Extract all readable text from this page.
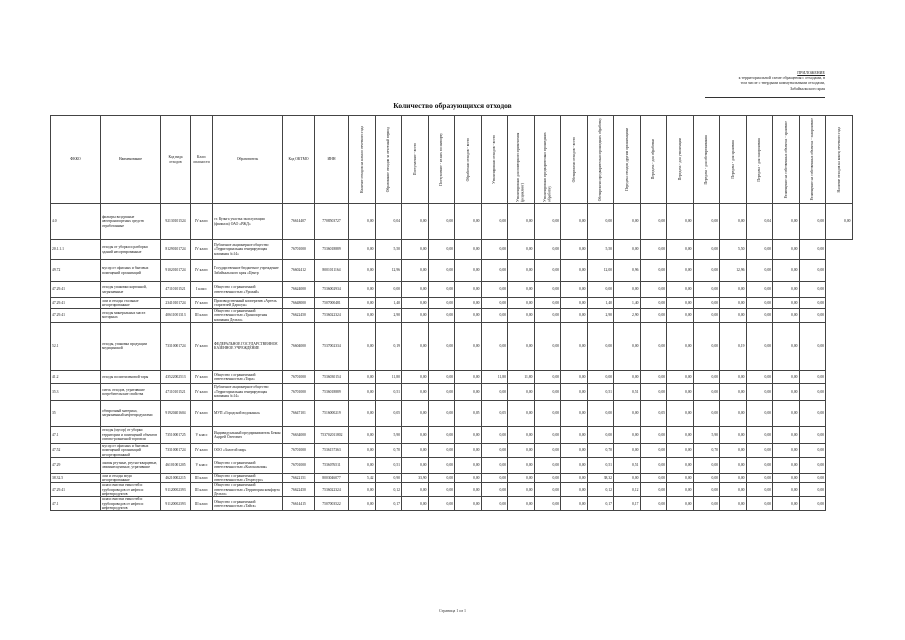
ПРИЛОЖЕНИЕ
к территориальной схеме обращения с отходами, в
том числе с твердыми коммунальными отходами,
Забайкальского края
Количество образующихся отходов
ФККО	Наименование	Код вида отходов	Класс опасности	Образователь	Код ОКТМО	ИНН	Наличие отходов на начало отчетного года	Образование отходов за отчетный период	Поступление - всего	Поступление - из них по импорту	Обработано отходов - всего	Утилизировано отходов - всего	Утилизировано для повторного применения (рециклинг)	Утилизировано предварительно прошедших обработку	Обезврежено отходов - всего	Обезврежено предварительно прошедших обработку	Передача отходов другим организациям	Передача - для обработки	Передача - для утилизации	Передача - для обезвреживания	Передача - для хранения	Передача - для захоронения	Размещение на собственных объектах - хранение	Размещение на собственных объектах - захоронение	Наличие отходов на конец отчетного года

4.0	фильтры воздушные автотранспортных средств отработанные	92130101524	IV класс	ст. Куэнга участка эксплуатации (филиала) ОАО «РЖД»	76614407	7708503727	0,00	0,04	0,00	0,00	0,00	0,00	0,00	0,00	0,00	0,00	0,00	0,00	0,00	0,00	0,00	0,04	0,00	0,00	0,00
20.1.1.1	отходы от уборки и разборки зданий несортированные	81290101724	IV класс	Публичное акционерное общество «Территориальная генерирующая компания №14»	76701000	7536018889	0,00	5,50	0,00	0,00	0,00	0,00	0,00	0,00	0,00	5,50	0,00	0,00	0,00	0,00	5,50	0,00	0,00	0,00	
49.72	мусор от офисных и бытовых помещений организаций	91020101724	IV класс	Государственное бюджетное учреждение Забайкальского края «Центр	76602412	8001011164	0,00	12,96	0,00	0,00	0,00	0,00	0,00	0,00	0,00	12,00	0,96	0,00	0,00	0,00	12,96	0,00	0,00	0,00	
47.29.41	отходы упаковки картонной, загрязненные	47110101521	I класс	Общество с ограниченной ответственностью «Урожай»	76624000	7536002934	0,00	0,00	0,00	0,00	0,00	0,00	0,00	0,00	0,00	0,00	0,00	0,00	0,00	0,00	0,00	0,00	0,00	0,00	
47.29.41	лом и отходы стальные несортированные	23410101724	IV класс	Производственный кооператив «Артель старателей Дарасун»	76648000	7507000481	0,00	1,40	0,00	0,00	0,00	0,00	0,00	0,00	0,00	1,40	1,40	0,00	0,00	0,00	0,00	0,00	0,00	0,00	
47.29.41	отходы минеральных масел моторных	40611001313	III класс	Общество с ограниченной ответственностью «Транспортная компания Дельта»	76622450	7536022324	0,00	2,90	0,00	0,00	0,00	0,00	0,00	0,00	0,00	2,90	2,90	0,00	0,00	0,00	0,00	0,00	0,00	0,00	
52.1	отходы, упаковка продукции медицинской	73310001724	IV класс	ФЕДЕРАЛЬНОЕ ГОСУДАРСТВЕННОЕ КАЗЕННОЕ УЧРЕЖДЕНИЕ	76604000	7537002334	0,00	0,19	0,00	0,00	0,00	0,00	0,00	0,00	0,00	0,00	0,00	0,00	0,00	0,00	0,19	0,00	0,00	0,00	
41.2	отходы полиэтиленовой тары	43522002513	IV класс	Общество с ограниченной ответственностью «Тира»	76701000	7536030154	0,00	11,80	0,00	0,00	0,00	11,80	11,80	0,00	0,00	0,00	0,00	0,00	0,00	0,00	0,00	0,00	0,00	0,00	
35.3	смесь отходов, утратившие потребительские свойства	47110101521	IV класс	Публичное акционерное общество «Территориальная генерирующая компания №14»	76701000	7536018889	0,00	0,51	0,00	0,00	0,00	0,00	0,00	0,00	0,00	0,51	0,51	0,00	0,00	0,00	0,00	0,00	0,00	0,00	
35	обтирочный материал, загрязненный нефтепродуктами	91920401604	IV класс	МУП «Городской водоканал»	76647101	7516000219	0,00	0,05	0,00	0,00	0,05	0,05	0,00	0,00	0,00	0,00	0,00	0,05	0,00	0,00	0,00	0,00	0,00	0,00	
47.1	отходы (мусор) от уборки территории и помещений объектов оптово-розничной торговли	73510001725	V класс	Индивидуальный предприниматель Бекин Андрей Олегович	76634000	753702011802	0,00	5,90	0,00	0,00	0,00	0,00	0,00	0,00	0,00	0,00	0,00	0,00	0,00	5,90	0,00	0,00	0,00	0,00	
47.52	мусор от офисных и бытовых помещений организаций несортированный	73310001724	IV класс	ООО «Золотой мир»	76701000	7536157363	0,00	0,70	0,00	0,00	0,00	0,00	0,00	0,00	0,00	0,70	0,00	0,00	0,00	0,70	0,00	0,00	0,00	0,00	
47.29	лампы ртутные, ртутно-кварцевые, люминесцентные, утратившие	46101001205	V класс	Общество с ограниченной ответственностью «Колокольчик»	76701000	7536076511	0,00	0,51	0,00	0,00	0,00	0,00	0,00	0,00	0,00	0,51	0,51	0,00	0,00	0,00	0,00	0,00	0,00	0,00	
38.32.5	лом и отходы меди несортированные	46210002215	III класс	Общество с ограниченной ответственностью «Техресурс»	76622151	8003046077	5,42	0,90	33,90	0,00	0,00	0,00	0,00	0,00	0,00	38,32	0,00	0,00	0,00	0,00	0,00	0,00	0,00	0,00	
47.29.41	шлам очистки емкостей и трубопроводов от нефти и нефтепродуктов	91120002393	III класс	Общество с ограниченной ответственностью «Территория комфорта Дельта»	76622450	7536022324	0,00	0,12	0,00	0,00	0,00	0,00	0,00	0,00	0,00	0,12	0,12	0,00	0,00	0,00	0,00	0,00	0,00	0,00	
47.1	шлам очистки емкостей и трубопроводов от нефти и нефтепродуктов	91120002393	III класс	Общество с ограниченной ответственностью «Тайга»	76614415	7507003522	0,00	0,17	0,00	0,00	0,00	0,00	0,00	0,00	0,00	0,17	0,17	0,00	0,00	0,00	0,00	0,00	0,00	0,00	
Страница 1 из 1
